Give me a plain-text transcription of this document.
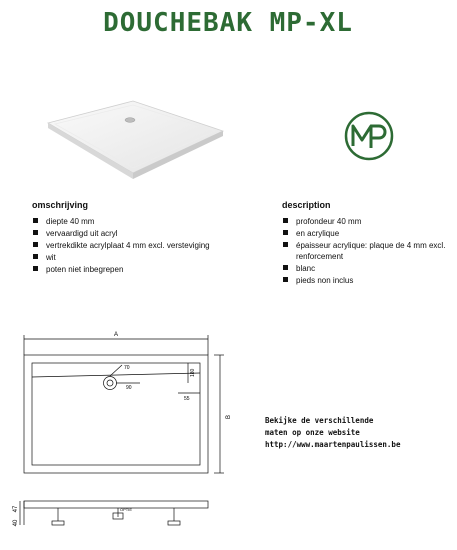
DOUCHEBAK MP-XL
omschrijving
diepte 40 mm
vervaardigd uit acryl
vertrekdikte acrylplaat 4 mm excl. versteviging
wit
poten niet inbegrepen
description
profondeur 40 mm
en acrylique
épaisseur acrylique: plaque de 4 mm excl. renforcement
blanc
pieds non inclus
A
B
70
90
180
55
47
40
OPTIE
Bekijke de verschillende
maten op onze website
http://www.maartenpaulissen.be
